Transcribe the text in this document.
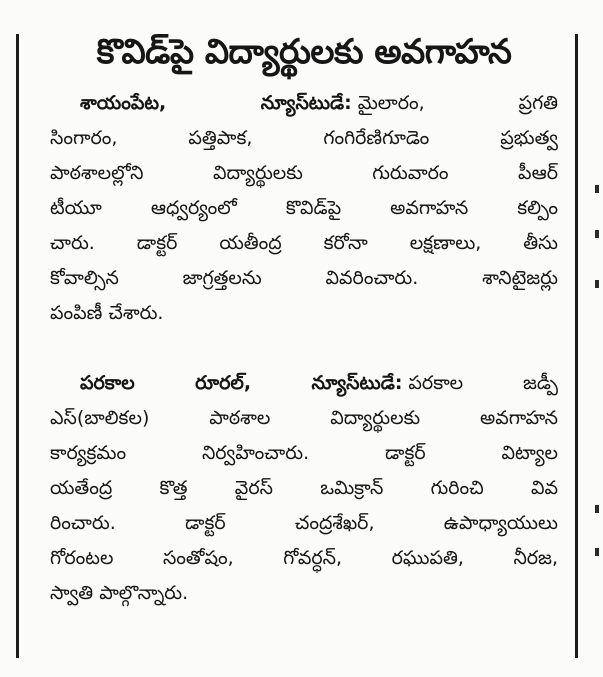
కొవిడ్‌పై విద్యార్థులకు అవగాహన
శాయంపేట, న్యూస్‌టుడే: మైలారం, ప్రగతి
సింగారం, పత్తిపాక, గంగిరేణిగూడెం ప్రభుత్వ
పాఠశాలల్లోని విద్యార్థులకు గురువారం పీఆర్
టీయూ ఆధ్వర్యంలో కొవిడ్‌పై అవగాహన కల్పిం
చారు. డాక్టర్ యతీంద్ర కరోనా లక్షణాలు, తీసు
కోవాల్సిన జాగ్రత్తలను వివరించారు. శానిటైజర్లు
పంపిణీ చేశారు.
పరకాల రూరల్, న్యూస్‌టుడే: పరకాల జడ్పీ
ఎస్(బాలికల) పాఠశాల విద్యార్థులకు అవగాహన
కార్యక్రమం నిర్వహించారు. డాక్టర్ విట్యాల
యతేంద్ర కొత్త వైరస్ ఒమిక్రాన్ గురించి వివ
రించారు. డాక్టర్ చంద్రశేఖర్, ఉపాధ్యాయులు
గోరంటల సంతోషం, గోవర్ధన్, రఘుపతి, నీరజ,
స్వాతి పాల్గొన్నారు.
